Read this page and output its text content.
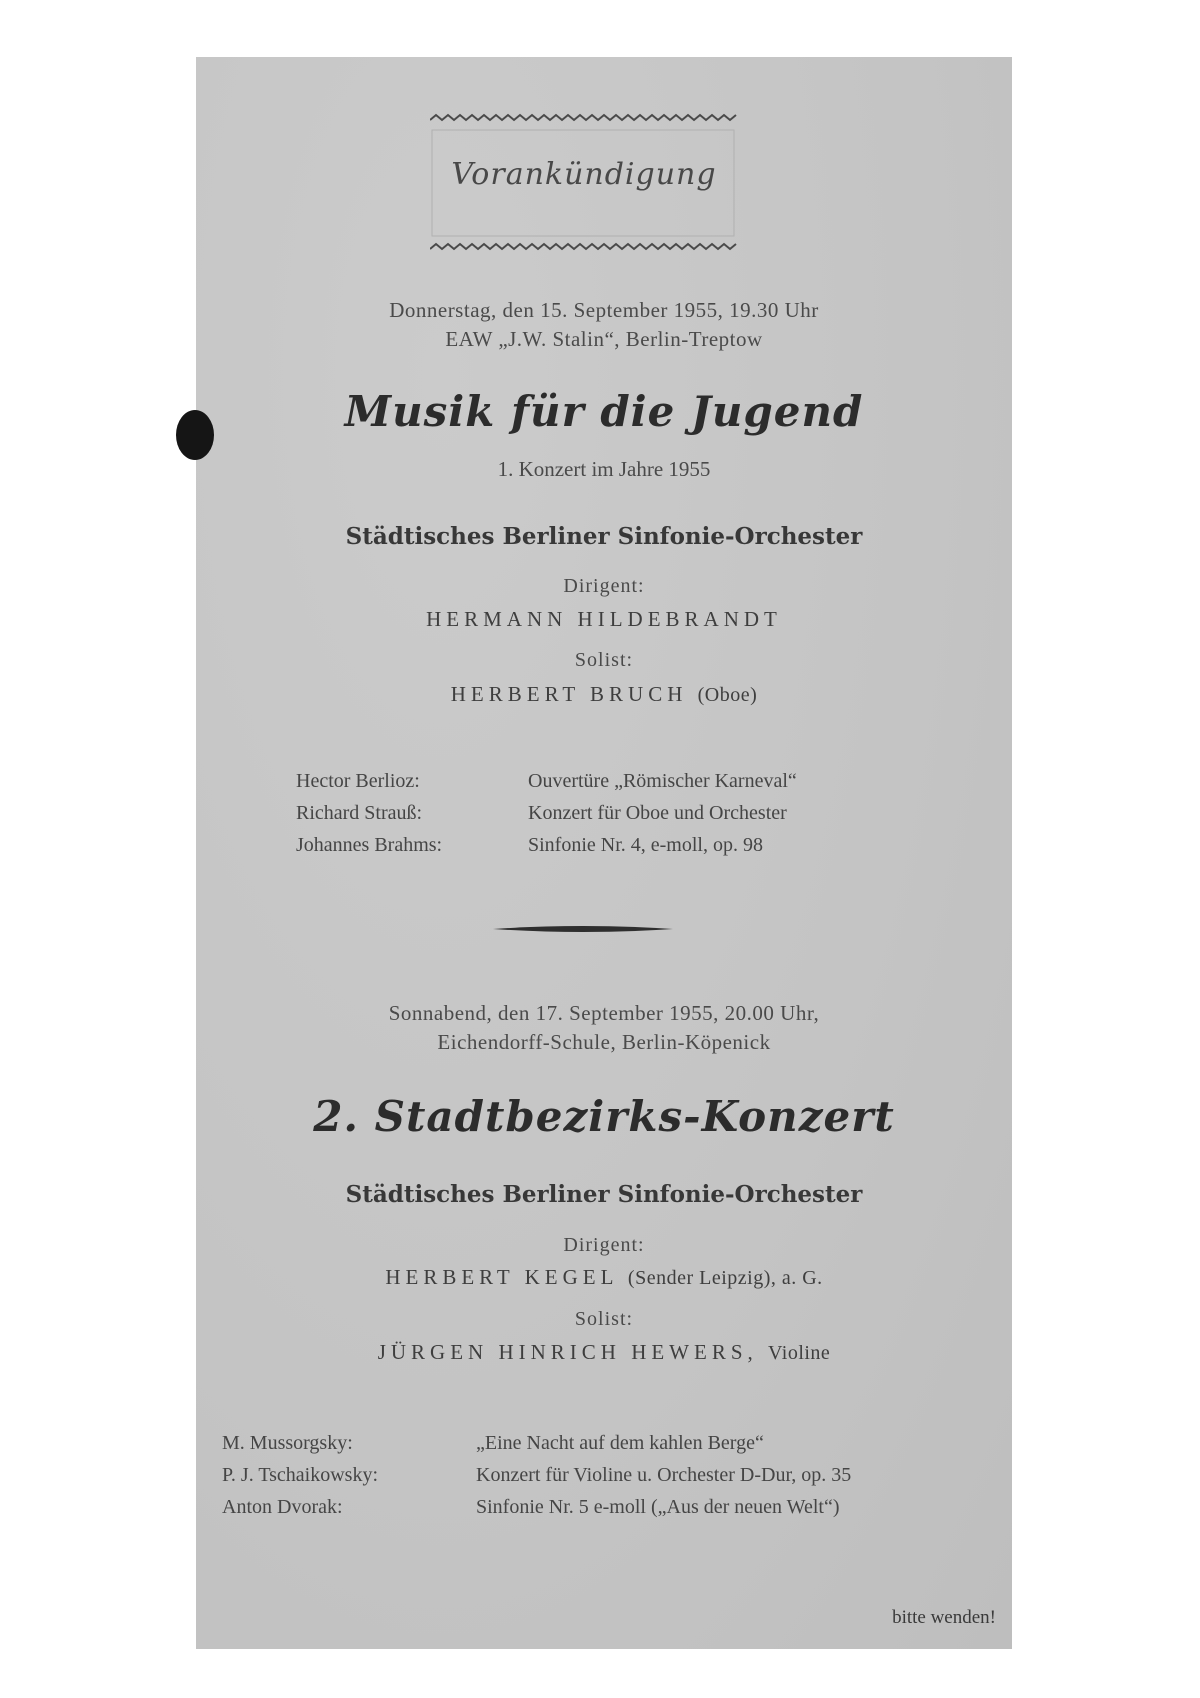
Vorankündigung
Donnerstag, den 15. September 1955, 19.30 Uhr
EAW „J.W. Stalin“, Berlin-Treptow
Musik für die Jugend
1. Konzert im Jahre 1955
Städtisches Berliner Sinfonie-Orchester
Dirigent:
HERMANN HILDEBRANDT
Solist:
HERBERT BRUCH (Oboe)
Hector Berlioz:	Ouvertüre „Römischer Karneval“
Richard Strauß:	Konzert für Oboe und Orchester
Johannes Brahms:	Sinfonie Nr. 4, e-moll, op. 98
Sonnabend, den 17. September 1955, 20.00 Uhr,
Eichendorff-Schule, Berlin-Köpenick
2. Stadtbezirks-Konzert
Städtisches Berliner Sinfonie-Orchester
Dirigent:
HERBERT KEGEL (Sender Leipzig), a. G.
Solist:
JÜRGEN HINRICH HEWERS, Violine
M. Mussorgsky:	„Eine Nacht auf dem kahlen Berge“
P. J. Tschaikowsky:	Konzert für Violine u. Orchester D-Dur, op. 35
Anton Dvorak:	Sinfonie Nr. 5 e-moll („Aus der neuen Welt“)
bitte wenden!
